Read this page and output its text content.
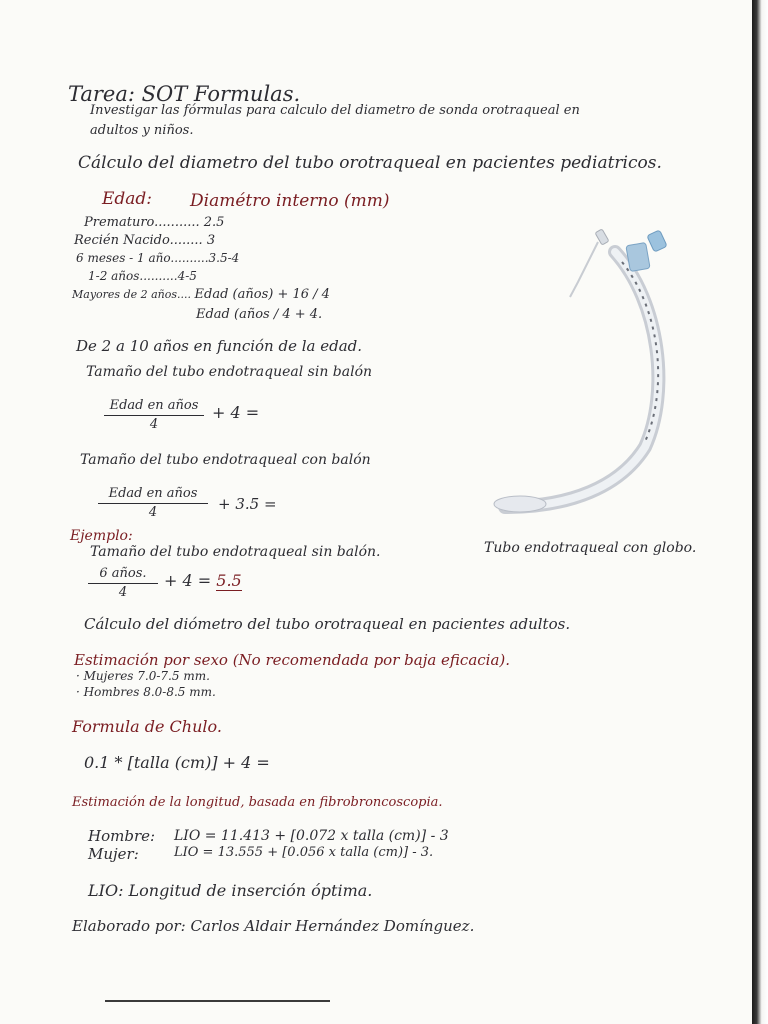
Tarea: SOT Formulas.
Investigar las fórmulas para calculo del diametro de sonda orotraqueal en
adultos y niños.
Cálculo del diametro del tubo orotraqueal en pacientes pediatricos.
Edad: Diamétro interno (mm)
Prematuro........... 2.5
Recién Nacido........ 3
6 meses - 1 año..........3.5-4
1-2 años..........4-5
Mayores de 2 años.... Edad (años) + 16 / 4
Edad (años / 4 + 4.
De 2 a 10 años en función de la edad.
Tamaño del tubo endotraqueal sin balón
Edad en años
4
+ 4 =
Tamaño del tubo endotraqueal con balón
Edad en años
4	+ 3.5 =
Ejemplo:
Tamaño del tubo endotraqueal sin balón.
6 años.
4
+ 4 = 5.5
Tubo endotraqueal con globo.
Cálculo del diómetro del tubo orotraqueal en pacientes adultos.
Estimación por sexo (No recomendada por baja eficacia).
· Mujeres 7.0-7.5 mm.
· Hombres 8.0-8.5 mm.
Formula de Chulo.
0.1 * [talla (cm)] + 4 =
Estimación de la longitud, basada en fibrobroncoscopia.
Hombre: LIO = 11.413 + [0.072 x talla (cm)] - 3
Mujer:	LIO = 13.555 + [0.056 x talla (cm)] - 3.
LIO: Longitud de inserción óptima.
Elaborado por: Carlos Aldair Hernández Domínguez.
